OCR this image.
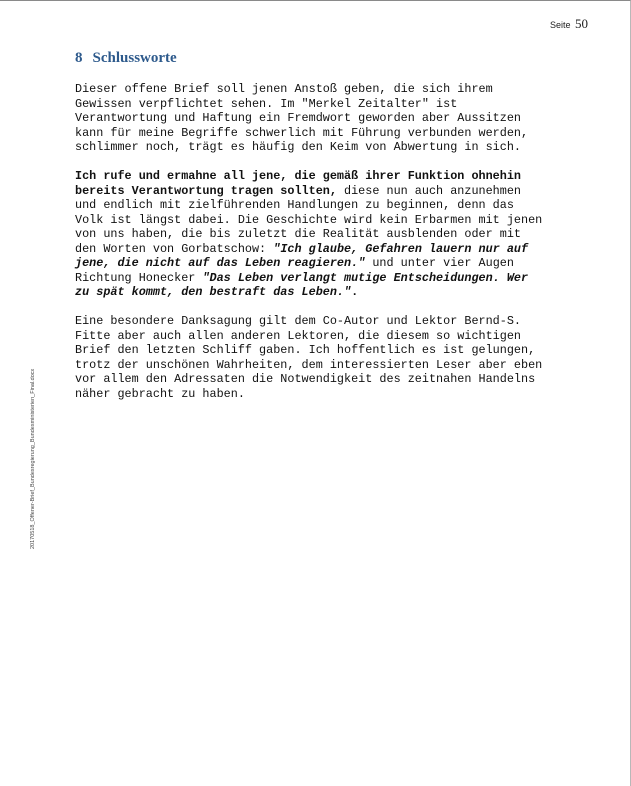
Seite 50
8 Schlussworte

Dieser offene Brief soll jenen Anstoß geben, die sich ihrem
Gewissen verpflichtet sehen. Im "Merkel Zeitalter" ist
Verantwortung und Haftung ein Fremdwort geworden aber Aussitzen
kann für meine Begriffe schwerlich mit Führung verbunden werden,
schlimmer noch, trägt es häufig den Keim von Abwertung in sich.

Ich rufe und ermahne all jene, die gemäß ihrer Funktion ohnehin
bereits Verantwortung tragen sollten, diese nun auch anzunehmen
und endlich mit zielführenden Handlungen zu beginnen, denn das
Volk ist längst dabei. Die Geschichte wird kein Erbarmen mit jenen
von uns haben, die bis zuletzt die Realität ausblenden oder mit
den Worten von Gorbatschow: "Ich glaube, Gefahren lauern nur auf
jene, die nicht auf das Leben reagieren." und unter vier Augen
Richtung Honecker "Das Leben verlangt mutige Entscheidungen. Wer
zu spät kommt, den bestraft das Leben.".

Eine besondere Danksagung gilt dem Co-Autor und Lektor Bernd-S.
Fitte aber auch allen anderen Lektoren, die diesem so wichtigen
Brief den letzten Schliff gaben. Ich hoffentlich es ist gelungen,
trotz der unschönen Wahrheiten, dem interessierten Leser aber eben
vor allem den Adressaten die Notwendigkeit des zeitnahen Handelns
näher gebracht zu haben.

20170518_Offener-Brief_Bundesregierung_Bundesministerien_Final.docx
